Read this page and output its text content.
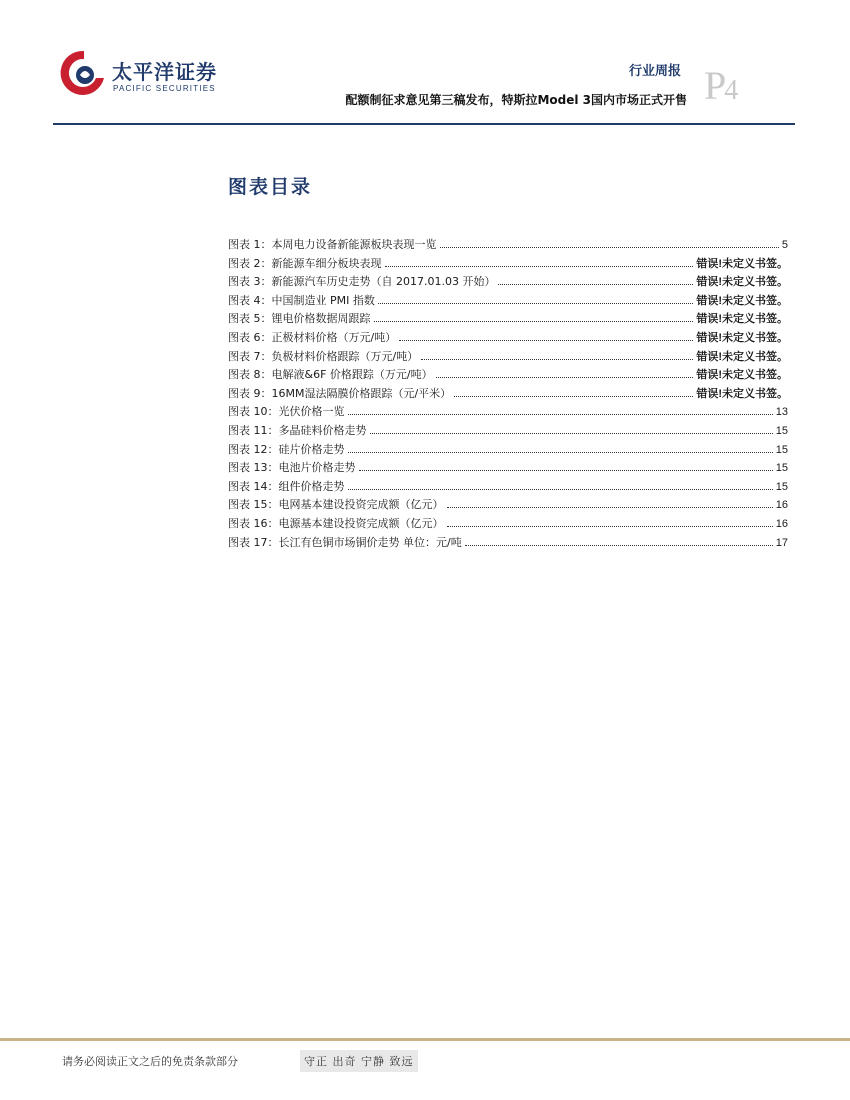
太平洋证券
PACIFIC SECURITIES
行业周报
配额制征求意见第三稿发布，特斯拉Model 3国内市场正式开售 P4
图表目录
图表 1：本周电力设备新能源板块表现一览	5
图表 2：新能源车细分板块表现	错误!未定义书签。
图表 3：新能源汽车历史走势（自 2017.01.03 开始）	错误!未定义书签。
图表 4：中国制造业 PMI 指数	错误!未定义书签。
图表 5：锂电价格数据周跟踪	错误!未定义书签。
图表 6：正极材料价格（万元/吨）	错误!未定义书签。
图表 7：负极材料价格跟踪（万元/吨）	错误!未定义书签。
图表 8：电解液&6F 价格跟踪（万元/吨）	错误!未定义书签。
图表 9：16MM湿法隔膜价格跟踪（元/平米）	错误!未定义书签。
图表 10：光伏价格一览	13
图表 11：多晶硅料价格走势	15
图表 12：硅片价格走势	15
图表 13：电池片价格走势	15
图表 14：组件价格走势	15
图表 15：电网基本建设投资完成额（亿元）	16
图表 16：电源基本建设投资完成额（亿元）	16
图表 17：长江有色铜市场铜价走势 单位：元/吨	17
请务必阅读正文之后的免责条款部分	守正 出奇 宁静 致远
